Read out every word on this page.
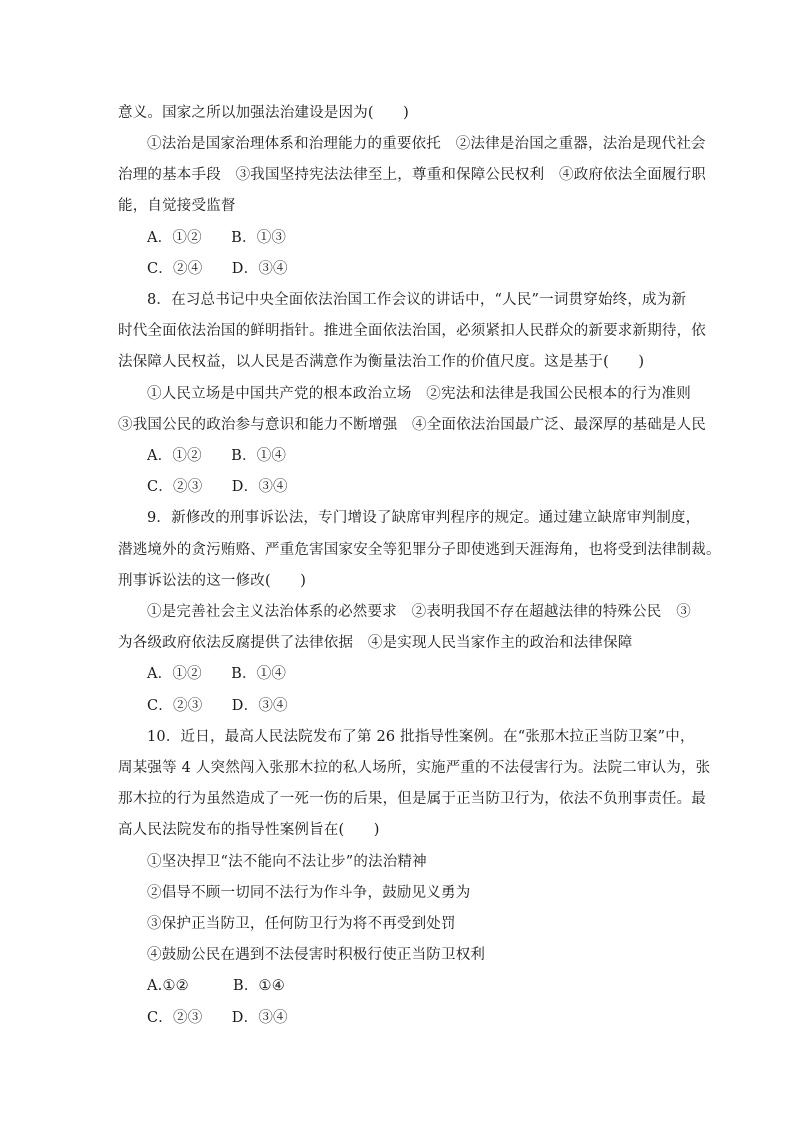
意义。国家之所以加强法治建设是因为(　　)
①法治是国家治理体系和治理能力的重要依托　②法律是治国之重器，法治是现代社会
治理的基本手段　③我国坚持宪法法律至上，尊重和保障公民权利　④政府依法全面履行职
能，自觉接受监督
A．①②　　B．①③
C．②④　　D．③④
8．在习总书记中央全面依法治国工作会议的讲话中，“人民”一词贯穿始终，成为新
时代全面依法治国的鲜明指针。推进全面依法治国，必须紧扣人民群众的新要求新期待，依
法保障人民权益，以人民是否满意作为衡量法治工作的价值尺度。这是基于(　　)
①人民立场是中国共产党的根本政治立场　②宪法和法律是我国公民根本的行为准则
③我国公民的政治参与意识和能力不断增强　④全面依法治国最广泛、最深厚的基础是人民
A．①②　　B．①④
C．②③　　D．③④
9．新修改的刑事诉讼法，专门增设了缺席审判程序的规定。通过建立缺席审判制度，
潜逃境外的贪污贿赂、严重危害国家安全等犯罪分子即使逃到天涯海角，也将受到法律制裁。
刑事诉讼法的这一修改(　　)
①是完善社会主义法治体系的必然要求　②表明我国不存在超越法律的特殊公民　③
为各级政府依法反腐提供了法律依据　④是实现人民当家作主的政治和法律保障
A．①②　　B．①④
C．②③　　D．③④
10．近日，最高人民法院发布了第 26 批指导性案例。在“张那木拉正当防卫案”中，
周某强等 4 人突然闯入张那木拉的私人场所，实施严重的不法侵害行为。法院二审认为，张
那木拉的行为虽然造成了一死一伤的后果，但是属于正当防卫行为，依法不负刑事责任。最
高人民法院发布的指导性案例旨在(　　)
①坚决捍卫“法不能向不法让步”的法治精神
②倡导不顾一切同不法行为作斗争，鼓励见义勇为
③保护正当防卫，任何防卫行为将不再受到处罚
④鼓励公民在遇到不法侵害时积极行使正当防卫权利
A.①②　　　B．①④
C．②③　　D．③④
